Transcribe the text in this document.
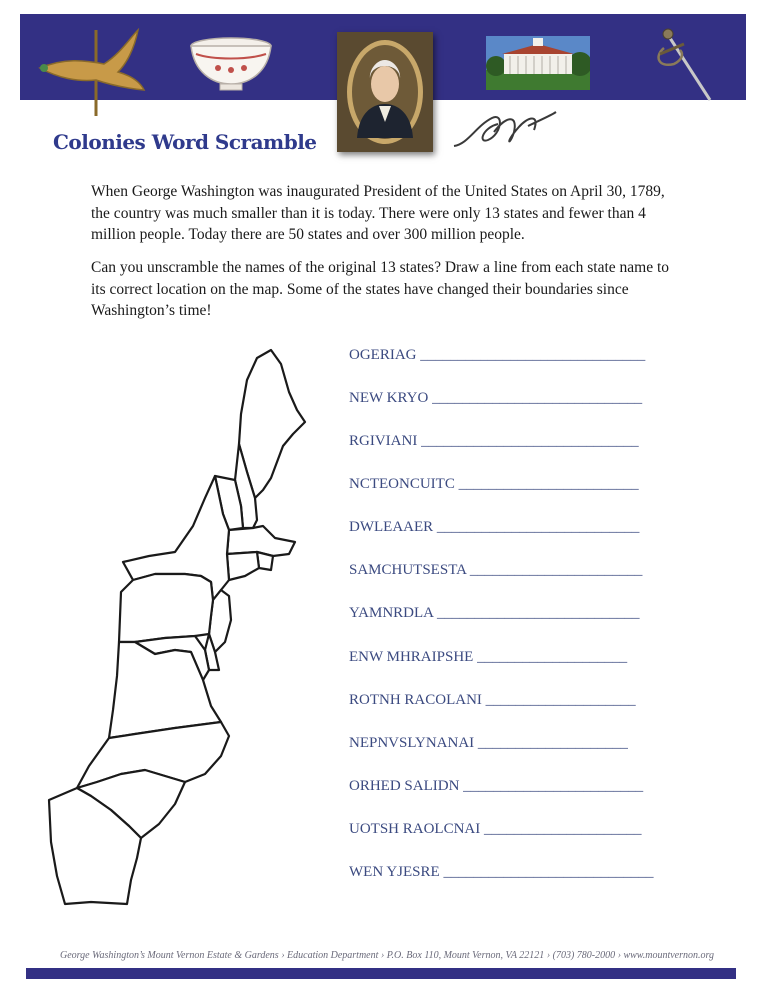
Colonies Word Scramble

When George Washington was inaugurated President of the United States on April 30, 1789, the country was much smaller than it is today. There were only 13 states and fewer than 4 million people. Today there are 50 states and over 300 million people.

Can you unscramble the names of the original 13 states? Draw a line from each state name to its correct location on the map. Some of the states have changed their boundaries since Washington’s time!

OGERIAG ______________________________
NEW KRYO ____________________________
RGIVIANI _____________________________
NCTEONCUITC ________________________
DWLEAAER ___________________________
SAMCHUTSESTA _______________________
YAMNRDLA ___________________________
ENW MHRAIPSHE ____________________
ROTNH RACOLANI ____________________
NEPNVSLYNANAI ____________________
ORHED SALIDN ________________________
UOTSH RAOLCNAI _____________________
WEN YJESRE ____________________________
George Washington’s Mount Vernon Estate & Gardens › Education Department › P.O. Box 110, Mount Vernon, VA 22121 › (703) 780-2000 › www.mountvernon.org
